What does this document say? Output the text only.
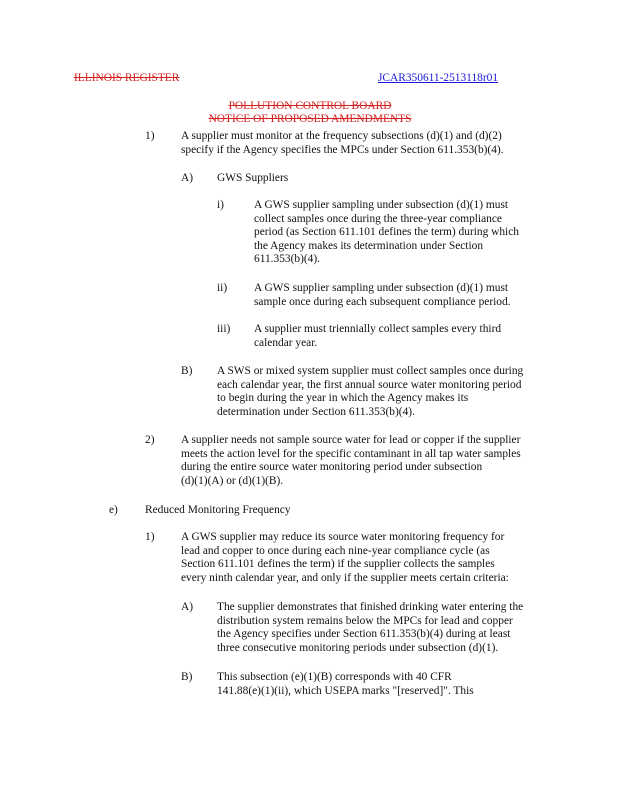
ILLINOIS REGISTER	JCAR350611-2513118r01
POLLUTION CONTROL BOARD
NOTICE OF PROPOSED AMENDMENTS
1) A supplier must monitor at the frequency subsections (d)(1) and (d)(2)

specify if the Agency specifies the MPCs under Section 611.353(b)(4).

A) GWS Suppliers

i)	A GWS supplier sampling under subsection (d)(1) must

collect samples once during the three-year compliance

period (as Section 611.101 defines the term) during which

the Agency makes its determination under Section

611.353(b)(4).

ii) A GWS supplier sampling under subsection (d)(1) must

sample once during each subsequent compliance period.

iii) A supplier must triennially collect samples every third

calendar year.

B) A SWS or mixed system supplier must collect samples once during

each calendar year, the first annual source water monitoring period

to begin during the year in which the Agency makes its

determination under Section 611.353(b)(4).

2) A supplier needs not sample source water for lead or copper if the supplier

meets the action level for the specific contaminant in all tap water samples

during the entire source water monitoring period under subsection

(d)(1)(A) or (d)(1)(B).

e) Reduced Monitoring Frequency

1) A GWS supplier may reduce its source water monitoring frequency for

lead and copper to once during each nine-year compliance cycle (as

Section 611.101 defines the term) if the supplier collects the samples

every ninth calendar year, and only if the supplier meets certain criteria:

A) The supplier demonstrates that finished drinking water entering the

distribution system remains below the MPCs for lead and copper

the Agency specifies under Section 611.353(b)(4) during at least

three consecutive monitoring periods under subsection (d)(1).

B) This subsection (e)(1)(B) corresponds with 40 CFR

141.88(e)(1)(ii), which USEPA marks "[reserved]". This
